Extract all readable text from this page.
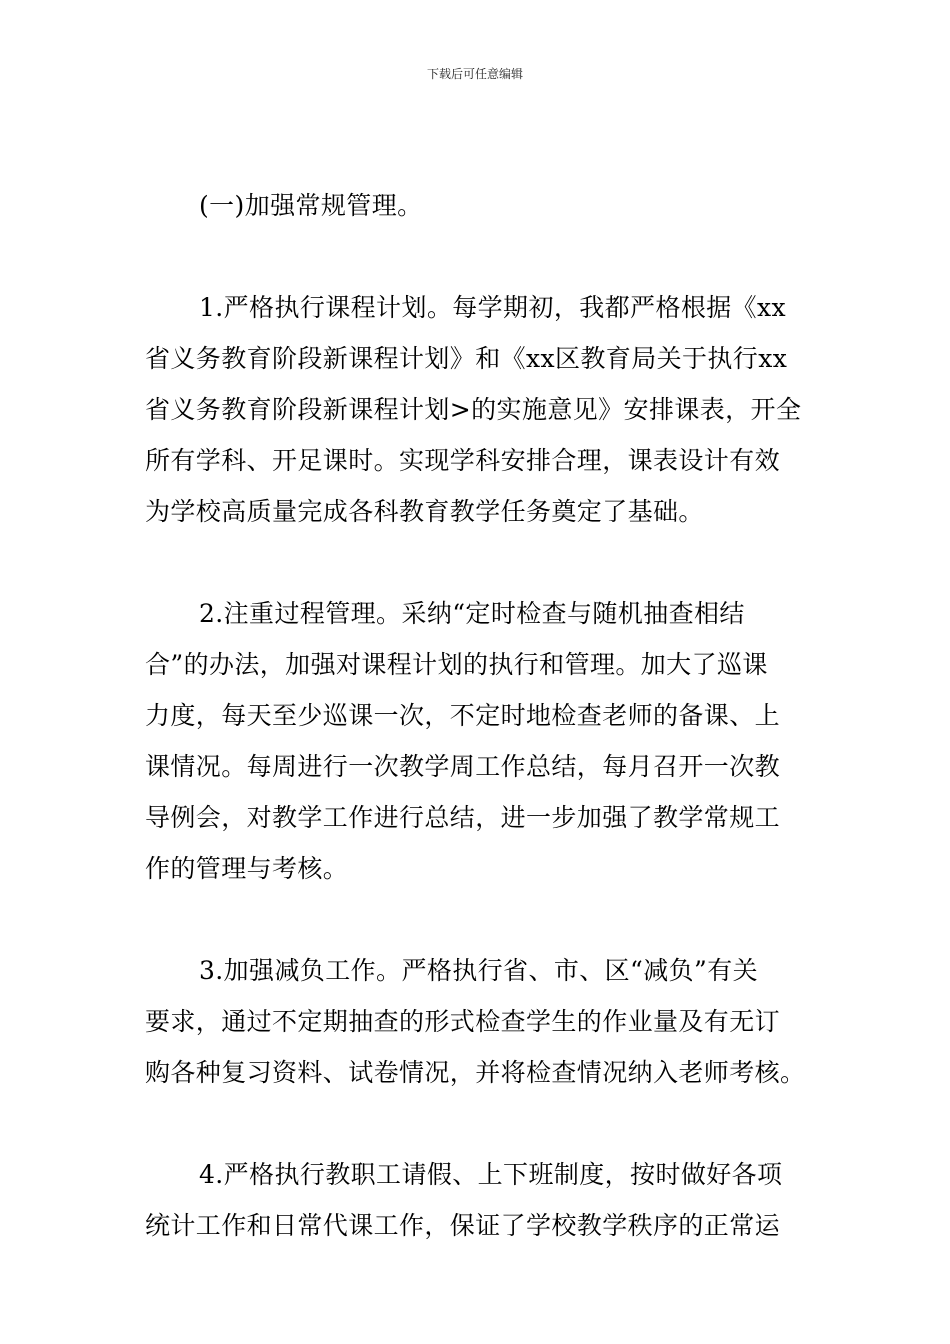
下载后可任意编辑
(一)加强常规管理。
1.严格执行课程计划。每学期初，我都严格根据《xx
省义务教育阶段新课程计划》和《xx区教育局关于执行xx
省义务教育阶段新课程计划>的实施意见》安排课表，开全
所有学科、开足课时。实现学科安排合理，课表设计有效
为学校高质量完成各科教育教学任务奠定了基础。
2.注重过程管理。采纳“定时检查与随机抽查相结
合”的办法，加强对课程计划的执行和管理。加大了巡课
力度，每天至少巡课一次，不定时地检查老师的备课、上
课情况。每周进行一次教学周工作总结，每月召开一次教
导例会，对教学工作进行总结，进一步加强了教学常规工
作的管理与考核。
3.加强减负工作。严格执行省、市、区“减负”有关
要求，通过不定期抽查的形式检查学生的作业量及有无订
购各种复习资料、试卷情况，并将检查情况纳入老师考核。
4.严格执行教职工请假、上下班制度，按时做好各项
统计工作和日常代课工作，保证了学校教学秩序的正常运
